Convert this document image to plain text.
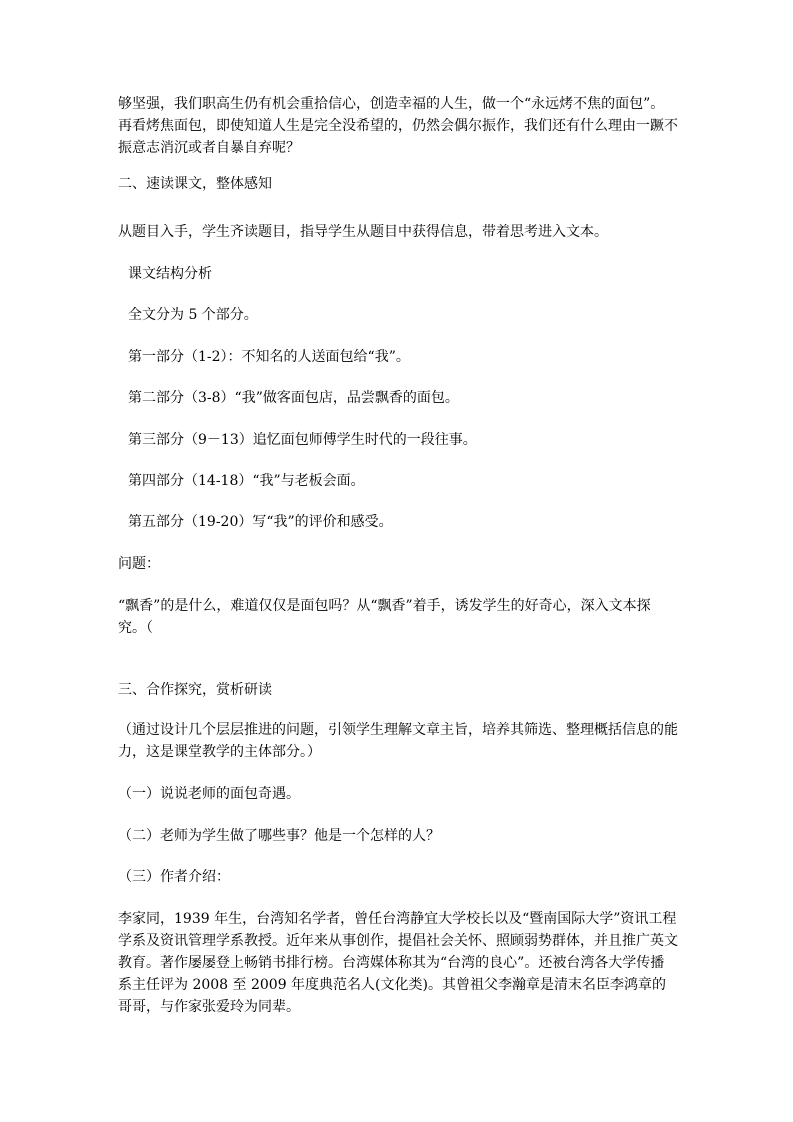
够坚强，我们职高生仍有机会重拾信心，创造幸福的人生，做一个“永远烤不焦的面包”。再看烤焦面包，即使知道人生是完全没希望的，仍然会偶尔振作，我们还有什么理由一蹶不振意志消沉或者自暴自弃呢？

二、速读课文，整体感知

从题目入手，学生齐读题目，指导学生从题目中获得信息，带着思考进入文本。

课文结构分析

全文分为 5 个部分。

第一部分（1-2）：不知名的人送面包给“我”。

第二部分（3-8）“我”做客面包店，品尝飘香的面包。

第三部分（9－13）追忆面包师傅学生时代的一段往事。

第四部分（14-18）“我”与老板会面。

第五部分（19-20）写“我”的评价和感受。

问题：

“飘香”的是什么，难道仅仅是面包吗？从“飘香”着手，诱发学生的好奇心，深入文本探究。（

三、合作探究，赏析研读

（通过设计几个层层推进的问题，引领学生理解文章主旨，培养其筛选、整理概括信息的能力，这是课堂教学的主体部分。）

（一）说说老师的面包奇遇。

（二）老师为学生做了哪些事？他是一个怎样的人？

（三）作者介绍：

李家同，1939 年生，台湾知名学者，曾任台湾静宜大学校长以及“暨南国际大学”资讯工程学系及资讯管理学系教授。近年来从事创作，提倡社会关怀、照顾弱势群体，并且推广英文教育。著作屡屡登上畅销书排行榜。台湾媒体称其为“台湾的良心”。还被台湾各大学传播系主任评为 2008 至 2009 年度典范名人(文化类)。其曾祖父李瀚章是清末名臣李鸿章的哥哥，与作家张爱玲为同辈。
